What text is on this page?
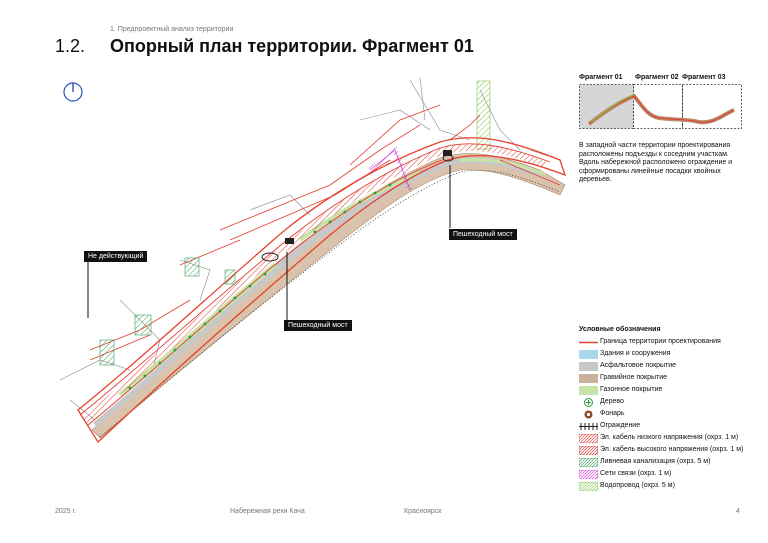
1. Предпроектный анализ территории
1.2. Опорный план территории. Фрагмент 01
Не действующий
Пешеходный мост
Пешеходный мост
Фрагмент 01 Фрагмент 02 Фрагмент 03
В западной части территории проектирования расположены подъезды к соседним участкам. Вдоль набережной расположено ограждение и сформированы линейные посадки хвойных деревьев.
Условные обозначения
Граница территории проектирования
Здания и сооружения
Асфальтовое покрытие
Гравийное покрытие
Газонное покрытие
Дерево
Фонарь
Ограждение
Эл. кабель низкого напряжения (охрз. 1 м)
Эл. кабель высокого напряжения (охрз. 1 м)
Ливневая канализация (охрз. 5 м)
Сети связи (охрз. 1 м)
Водопровод (охрз. 5 м)
2025 г.	Набережная реки Кача	Красноярск	4
